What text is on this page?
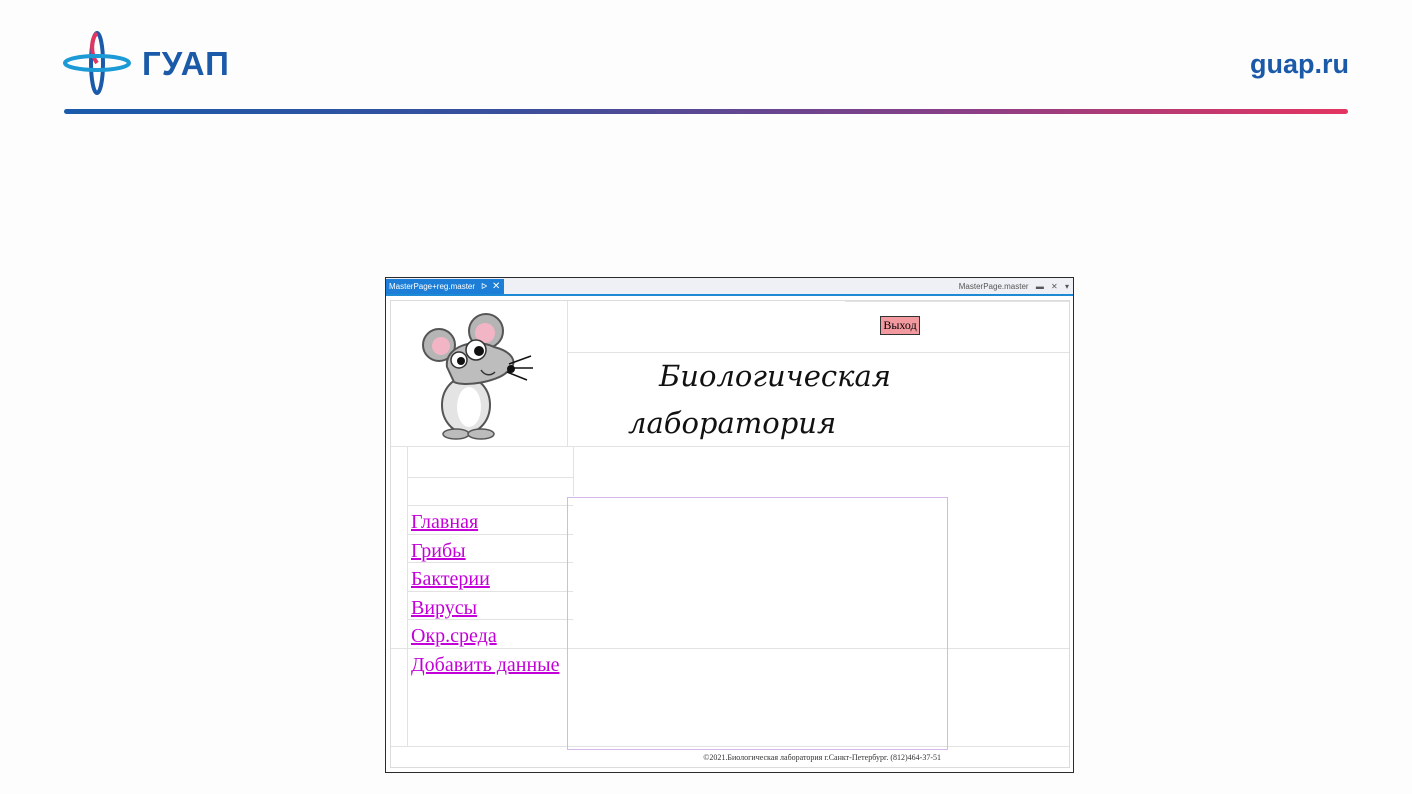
ГУАП	guap.ru
MasterPage+reg.master ᐅ ✕	MasterPage.master ▬ ✕ ▾
Выход
Биологическая
лаборатория
Главная
Грибы
Бактерии
Вирусы
Окр.среда
Добавить данные
©2021.Биологическая лаборатория г.Санкт-Петербург. (812)464-37-51
